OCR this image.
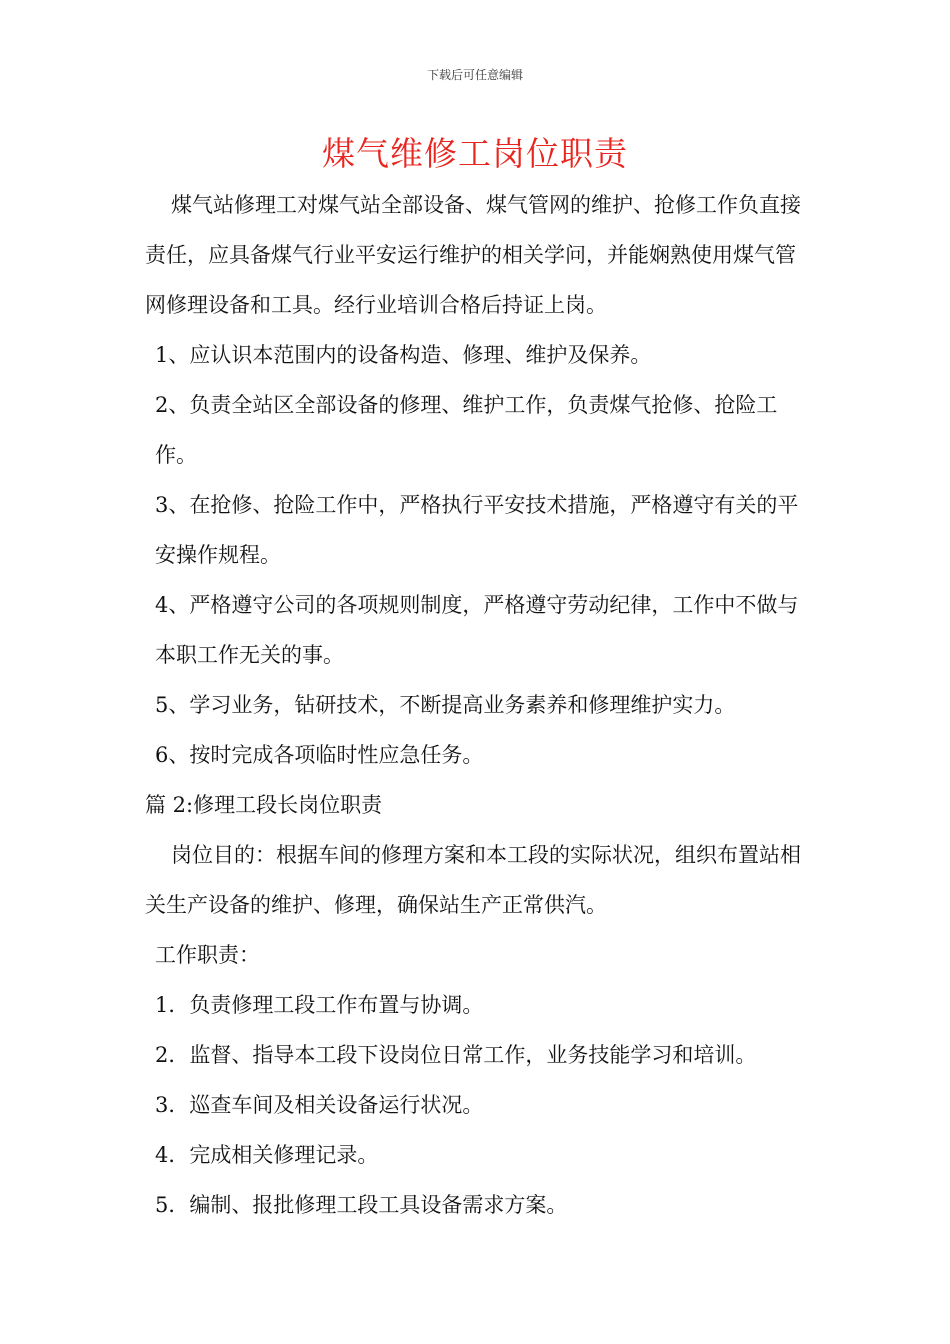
下载后可任意编辑
煤气维修工岗位职责

煤气站修理工对煤气站全部设备、煤气管网的维护、抢修工作负直接责任，应具备煤气行业平安运行维护的相关学问，并能娴熟使用煤气管网修理设备和工具。经行业培训合格后持证上岗。

1、应认识本范围内的设备构造、修理、维护及保养。

2、负责全站区全部设备的修理、维护工作，负责煤气抢修、抢险工作。

3、在抢修、抢险工作中，严格执行平安技术措施，严格遵守有关的平安操作规程。

4、严格遵守公司的各项规则制度，严格遵守劳动纪律，工作中不做与本职工作无关的事。

5、学习业务，钻研技术，不断提高业务素养和修理维护实力。

6、按时完成各项临时性应急任务。

篇 2:修理工段长岗位职责

岗位目的：根据车间的修理方案和本工段的实际状况，组织布置站相关生产设备的维护、修理，确保站生产正常供汽。

工作职责：

1．负责修理工段工作布置与协调。

2．监督、指导本工段下设岗位日常工作，业务技能学习和培训。

3．巡查车间及相关设备运行状况。

4．完成相关修理记录。

5．编制、报批修理工段工具设备需求方案。
